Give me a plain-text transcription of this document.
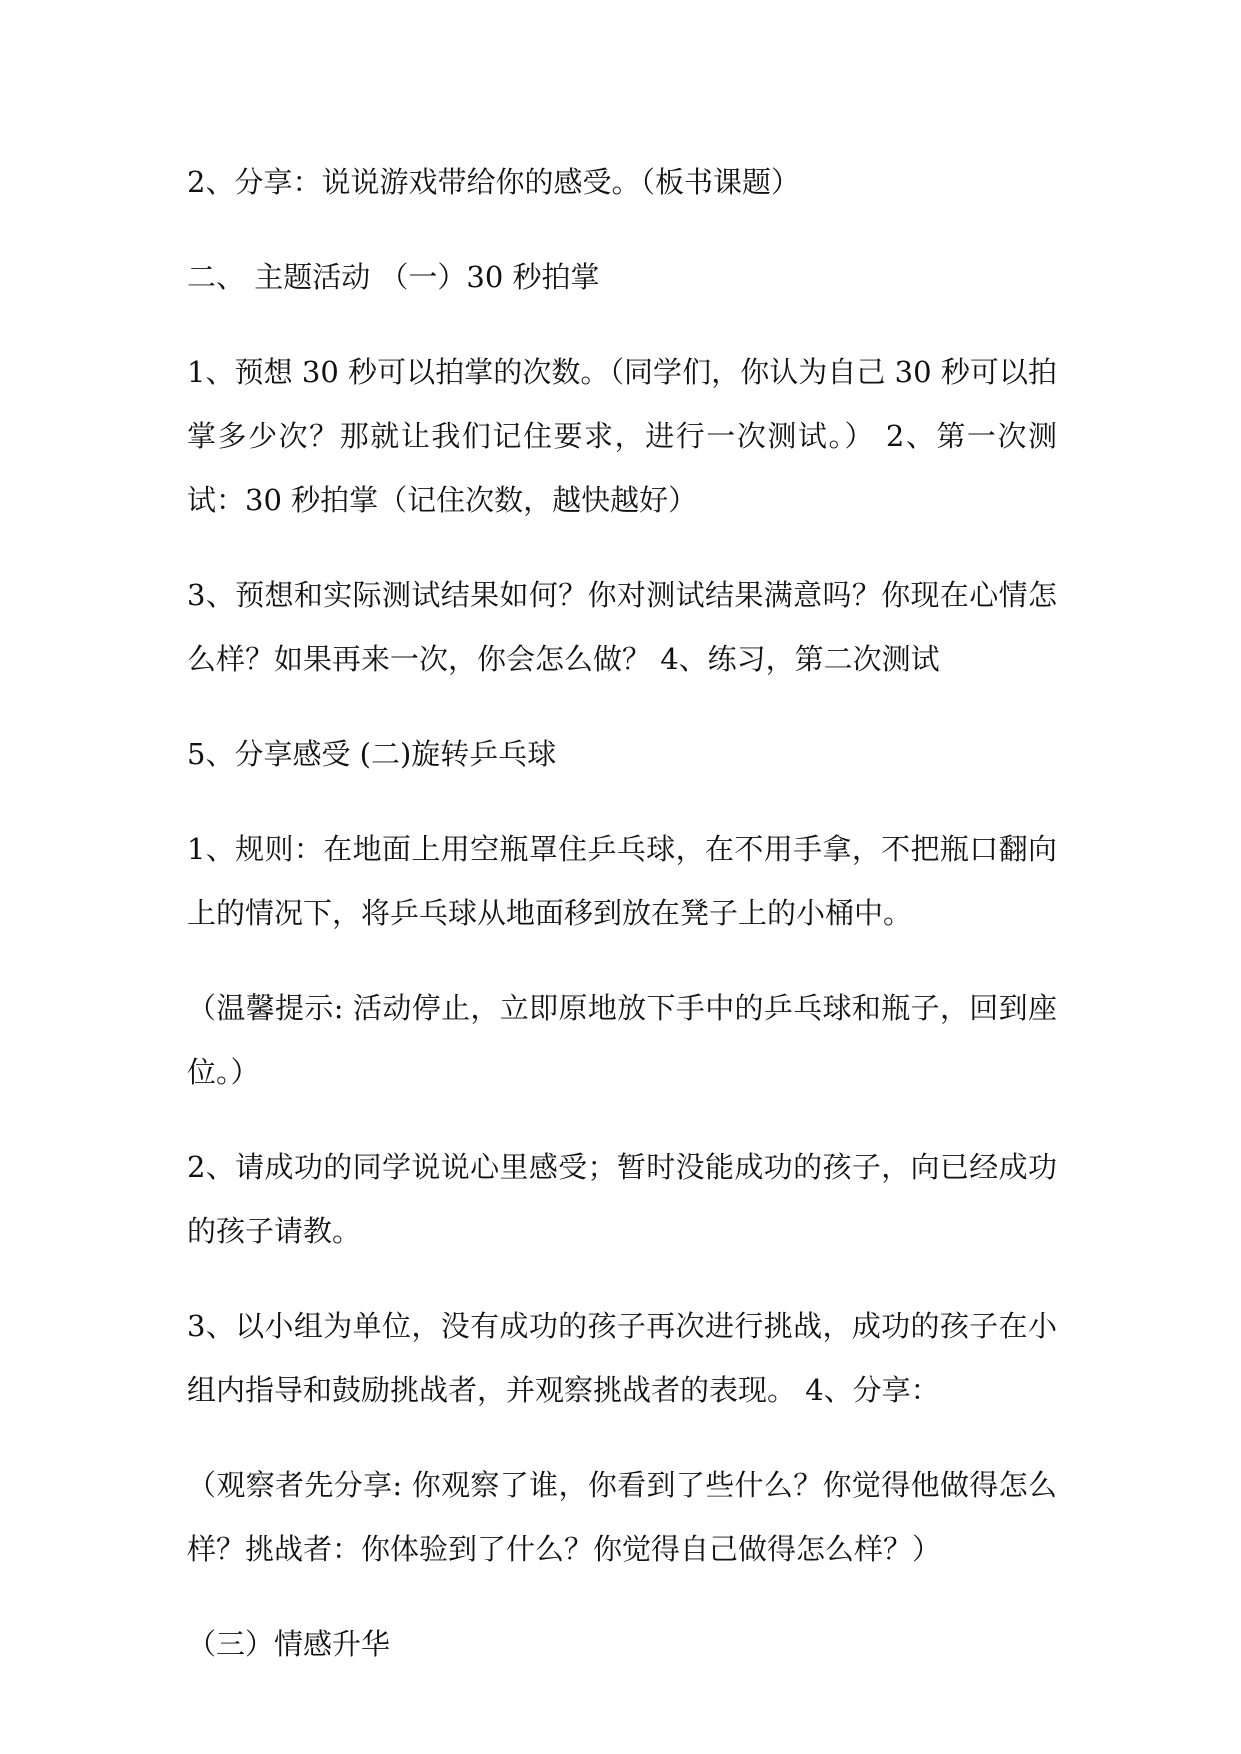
2、分享：说说游戏带给你的感受。（板书课题）

二、 主题活动 （一）30 秒拍掌

1、预想 30 秒可以拍掌的次数。（同学们，你认为自己 30 秒可以拍掌多少次？那就让我们记住要求，进行一次测试。） 2、第一次测试：30 秒拍掌（记住次数，越快越好）

3、预想和实际测试结果如何？你对测试结果满意吗？你现在心情怎么样？如果再来一次，你会怎么做？ 4、练习，第二次测试

5、分享感受 (二)旋转乒乓球

1、规则：在地面上用空瓶罩住乒乓球，在不用手拿，不把瓶口翻向上的情况下，将乒乓球从地面移到放在凳子上的小桶中。

（温馨提示: 活动停止，立即原地放下手中的乒乓球和瓶子，回到座位。）

2、请成功的同学说说心里感受；暂时没能成功的孩子，向已经成功的孩子请教。

3、以小组为单位，没有成功的孩子再次进行挑战，成功的孩子在小组内指导和鼓励挑战者，并观察挑战者的表现。 4、分享：

（观察者先分享: 你观察了谁，你看到了些什么？你觉得他做得怎么样？挑战者：你体验到了什么？你觉得自己做得怎么样？）

（三）情感升华
